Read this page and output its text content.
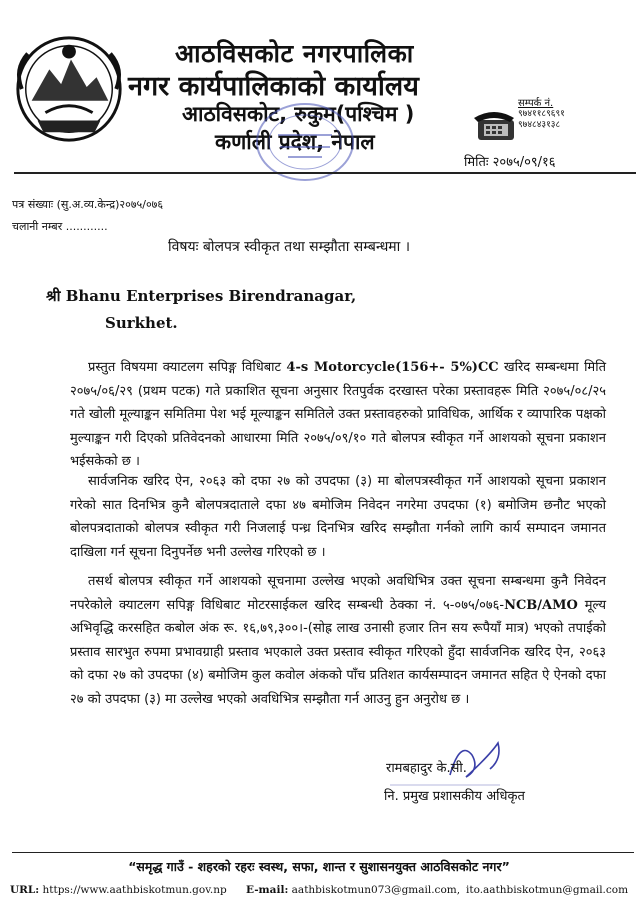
आठविसकोट नगरपालिका
नगर कार्यपालिकाको कार्यालय
आठविसकोट, रुकुम(पश्चिम )
कर्णाली प्रदेश, नेपाल
सम्पर्क नं.
९७४११८९६९१
९७४८४३१३८
मितिः २०७५/०९/१६
पत्र संख्याः (सु.अ.व्य.केन्द्र)२०७५/०७६
चलानी नम्बर ............
विषयः बोलपत्र स्वीकृत तथा सम्झौता सम्बन्धमा ।
श्री Bhanu Enterprises Birendranagar,
Surkhet.
प्रस्तुत विषयमा क्याटलग सपिङ्ग विधिबाट 4-s Motorcycle(156+- 5%)CC खरिद सम्बन्धमा मिति २०७५/०६/२९ (प्रथम पटक) गते प्रकाशित सूचना अनुसार रितपुर्वक दरखास्त परेका प्रस्तावहरू मिति २०७५/०८/२५ गते खोली मूल्याङ्कन समितिमा पेश भई मूल्याङ्कन समितिले उक्त प्रस्तावहरुको प्राविधिक, आर्थिक र व्यापारिक पक्षको मुल्याङ्कन गरी दिएको प्रतिवेदनको आधारमा मिति २०७५/०९/१० गते बोलपत्र स्वीकृत गर्ने आशयको सूचना प्रकाशन भईसकेको छ ।
सार्वजनिक खरिद ऐन, २०६३ को दफा २७ को उपदफा (३) मा बोलपत्रस्वीकृत गर्ने आशयको सूचना प्रकाशन गरेको सात दिनभित्र कुनै बोलपत्रदाताले दफा ४७ बमोजिम निवेदन नगरेमा उपदफा (१) बमोजिम छनौट भएको बोलपत्रदाताको बोलपत्र स्वीकृत गरी निजलाई पन्ध्र दिनभित्र खरिद सम्झौता गर्नको लागि कार्य सम्पादन जमानत दाखिला गर्न सूचना दिनुपर्नेछ भनी उल्लेख गरिएको छ ।
तसर्थ बोलपत्र स्वीकृत गर्ने आशयको सूचनामा उल्लेख भएको अवधिभित्र उक्त सूचना सम्बन्धमा कुनै निवेदन नपरेकोले क्याटलग सपिङ्ग विधिबाट मोटरसाईकल खरिद सम्बन्धी ठेक्का नं. ५-०७५/०७६-NCB/AMO मूल्य अभिवृद्धि करसहित कबोल अंक रू. १६,७९,३००।-(सोह्र लाख उनासी हजार तिन सय रूपैयाँ मात्र) भएको तपाईको प्रस्ताव सारभुत रुपमा प्रभावग्राही प्रस्ताव भएकाले उक्त प्रस्ताव स्वीकृत गरिएको हुँदा सार्वजनिक खरिद ऐन, २०६३ को दफा २७ को उपदफा (४) बमोजिम कुल कवोल अंकको पाँच प्रतिशत कार्यसम्पादन जमानत सहित ऐ ऐनको दफा २७ को उपदफा (३) मा उल्लेख भएको अवधिभित्र सम्झौता गर्न आउनु हुन अनुरोध छ ।
रामबहादुर के.सी.
नि. प्रमुख प्रशासकीय अधिकृत
“समृद्ध गाउँ - शहरको रहरः स्वस्थ, सफा, शान्त र सुशासनयुक्त आठविसकोट नगर”
URL: https://www.aathbiskotmun.gov.np E-mail: aathbiskotmun073@gmail.com, ito.aathbiskotmun@gmail.com
